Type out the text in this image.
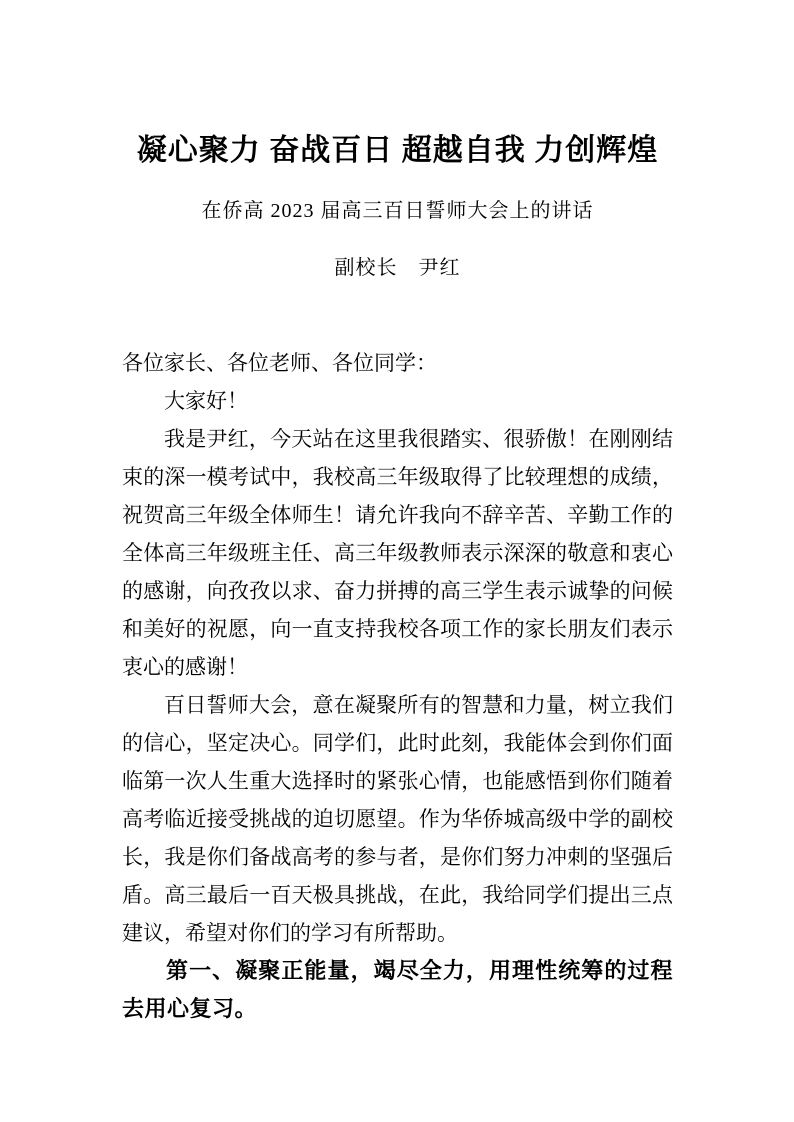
凝心聚力 奋战百日 超越自我 力创辉煌
在侨高 2023 届高三百日誓师大会上的讲话
副校长　尹红

各位家长、各位老师、各位同学：

大家好！

我是尹红，今天站在这里我很踏实、很骄傲！在刚刚结束的深一模考试中，我校高三年级取得了比较理想的成绩， 祝贺高三年级全体师生！请允许我向不辞辛苦、辛勤工作的全体高三年级班主任、高三年级教师表示深深的敬意和衷心的感谢，向孜孜以求、奋力拼搏的高三学生表示诚挚的问候和美好的祝愿，向一直支持我校各项工作的家长朋友们表示衷心的感谢！

百日誓师大会，意在凝聚所有的智慧和力量，树立我们的信心，坚定决心。同学们，此时此刻，我能体会到你们面临第一次人生重大选择时的紧张心情，也能感悟到你们随着高考临近接受挑战的迫切愿望。作为华侨城高级中学的副校长，我是你们备战高考的参与者，是你们努力冲刺的坚强后盾。高三最后一百天极具挑战，在此，我给同学们提出三点建议，希望对你们的学习有所帮助。

第一、凝聚正能量，竭尽全力，用理性统筹的过程去用心复习。
